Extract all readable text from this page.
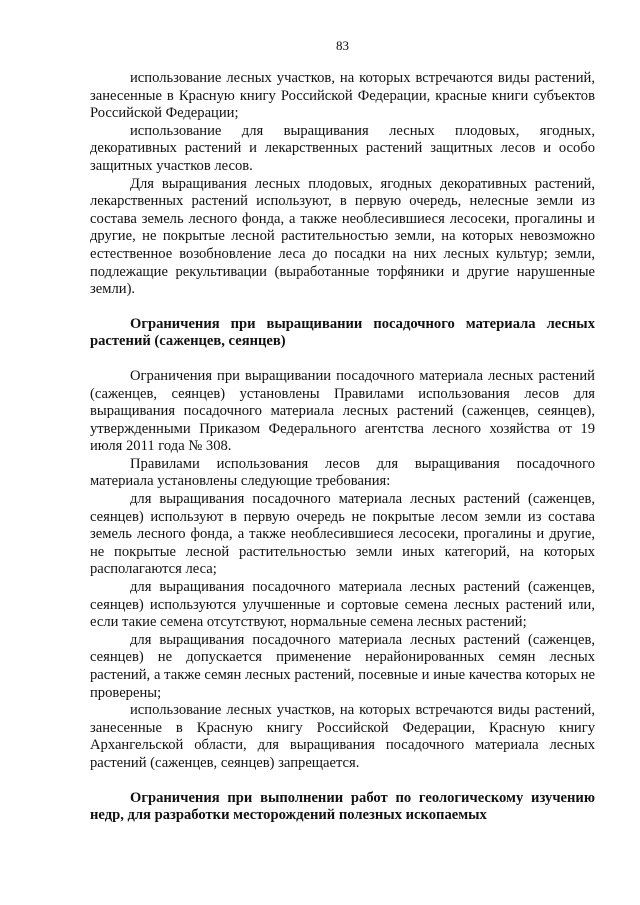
83

использование лесных участков, на которых встречаются виды растений, занесенные в Красную книгу Российской Федерации, красные книги субъектов Российской Федерации;

использование для выращивания лесных плодовых, ягодных, декоративных растений и лекарственных растений защитных лесов и особо защитных участков лесов.

Для выращивания лесных плодовых, ягодных декоративных растений, лекарственных растений используют, в первую очередь, нелесные земли из состава земель лесного фонда, а также необлесившиеся лесосеки, прогалины и другие, не покрытые лесной растительностью земли, на которых невозможно естественное возобновление леса до посадки на них лесных культур; земли, подлежащие рекультивации (выработанные торфяники и другие нарушенные земли).

Ограничения при выращивании посадочного материала лесных растений (саженцев, сеянцев)

Ограничения при выращивании посадочного материала лесных растений (саженцев, сеянцев) установлены Правилами использования лесов для выращивания посадочного материала лесных растений (саженцев, сеянцев), утвержденными Приказом Федерального агентства лесного хозяйства от 19 июля 2011 года № 308.

Правилами использования лесов для выращивания посадочного материала установлены следующие требования:

для выращивания посадочного материала лесных растений (саженцев, сеянцев) используют в первую очередь не покрытые лесом земли из состава земель лесного фонда, а также необлесившиеся лесосеки, прогалины и другие, не покрытые лесной растительностью земли иных категорий, на которых располагаются леса;

для выращивания посадочного материала лесных растений (саженцев, сеянцев) используются улучшенные и сортовые семена лесных растений или, если такие семена отсутствуют, нормальные семена лесных растений;

для выращивания посадочного материала лесных растений (саженцев, сеянцев) не допускается применение нерайонированных семян лесных растений, а также семян лесных растений, посевные и иные качества которых не проверены;

использование лесных участков, на которых встречаются виды растений, занесенные в Красную книгу Российской Федерации, Красную книгу Архангельской области, для выращивания посадочного материала лесных растений (саженцев, сеянцев) запрещается.

Ограничения при выполнении работ по геологическому изучению недр, для разработки месторождений полезных ископаемых
